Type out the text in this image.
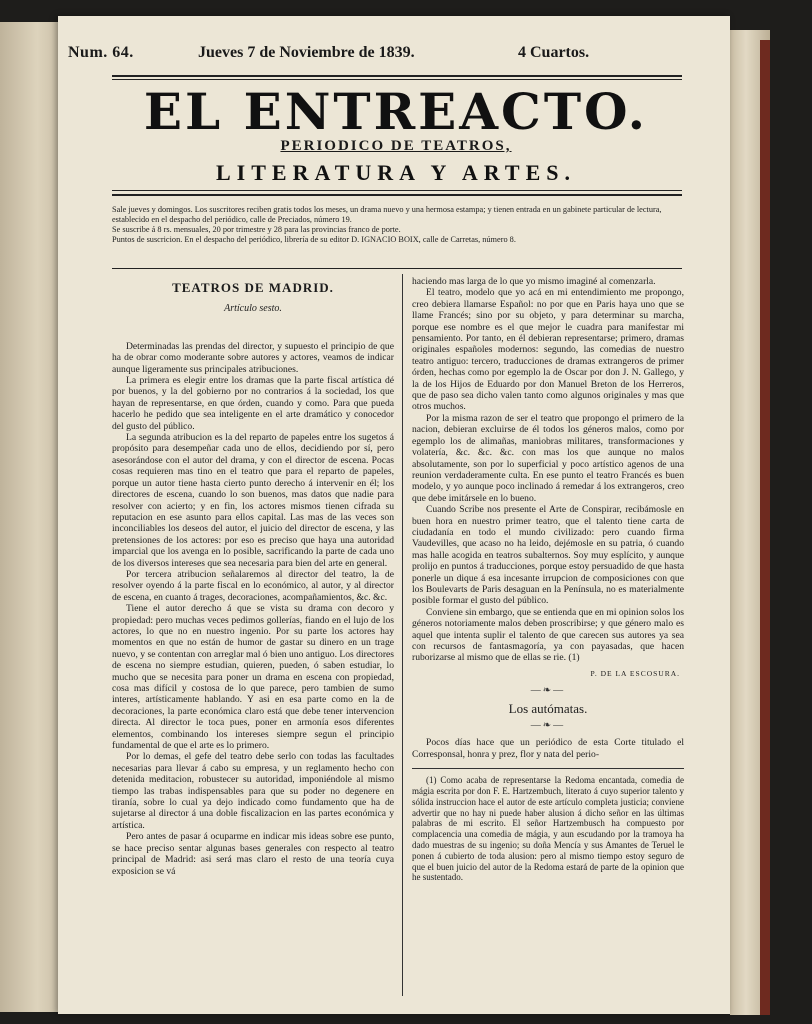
Num. 64.	Jueves 7 de Noviembre de 1839.	4 Cuartos.
EL ENTREACTO.
PERIODICO DE TEATROS,
LITERATURA Y ARTES.

Sale jueves y domingos. Los suscritores reciben gratis todos los meses, un drama nuevo y una hermosa estampa; y tienen entrada en un gabinete particular de lectura, establecido en el despacho del periódico, calle de Preciados, número 19.

Se suscribe á 8 rs. mensuales, 20 por trimestre y 28 para las provincias franco de porte.

Puntos de suscricion. En el despacho del periódico, librería de su editor D. IGNACIO BOIX, calle de Carretas, número 8.

TEATROS DE MADRID.
Artículo sesto.

Determinadas las prendas del director, y supuesto el principio de que ha de obrar como moderante sobre autores y actores, veamos de indicar aunque ligeramente sus principales atribuciones.

La primera es elegir entre los dramas que la parte fiscal artística dé por buenos, y la del gobierno por no contrarios á la sociedad, los que hayan de representarse, en que órden, cuando y como. Para que pueda hacerlo he pedido que sea inteligente en el arte dramático y conocedor del gusto del público.

La segunda atribucion es la del reparto de papeles entre los sugetos á propósito para desempeñar cada uno de ellos, decidiendo por sí, pero asesorándose con el autor del drama, y con el director de escena. Pocas cosas requieren mas tino en el teatro que para el reparto de papeles, porque un autor tiene hasta cierto punto derecho á intervenir en él; los directores de escena, cuando lo son buenos, mas datos que nadie para resolver con acierto; y en fin, los actores mismos tienen cifrada su reputacion en ese asunto para ellos capital. Las mas de las veces son inconciliables los deseos del autor, el juicio del director de escena, y las pretensiones de los actores: por eso es preciso que haya una autoridad imparcial que los avenga en lo posible, sacrificando la parte de cada uno de los diversos intereses que sea necesaria para bien del arte en general.

Por tercera atribucion señalaremos al director del teatro, la de resolver oyendo á la parte fiscal en lo económico, al autor, y al director de escena, en cuanto á trages, decoraciones, acompañamientos, &c. &c.

Tiene el autor derecho á que se vista su drama con decoro y propiedad: pero muchas veces pedimos gollerías, fiando en el lujo de los actores, lo que no en nuestro ingenio. Por su parte los actores hay momentos en que no están de humor de gastar su dinero en un trage nuevo, y se contentan con arreglar mal ó bien uno antiguo. Los directores de escena no siempre estudian, quieren, pueden, ó saben estudiar, lo mucho que se necesita para poner un drama en escena con propiedad, cosa mas difícil y costosa de lo que parece, pero tambien de sumo interes, artísticamente hablando. Y asi en esa parte como en la de decoraciones, la parte económica claro está que debe tener intervencion directa. Al director le toca pues, poner en armonía esos diferentes elementos, combinando los intereses siempre segun el principio fundamental de que el arte es lo primero.

Por lo demas, el gefe del teatro debe serlo con todas las facultades necesarias para llevar á cabo su empresa, y un reglamento hecho con detenida meditacion, robustecer su autoridad, imponiéndole al mismo tiempo las trabas indispensables para que su poder no degenere en tiranía, sobre lo cual ya dejo indicado como fundamento que ha de sujetarse al director á una doble fiscalizacion en las partes económica y artística.

Pero antes de pasar á ocuparme en indicar mis ideas sobre ese punto, se hace preciso sentar algunas bases generales con respecto al teatro principal de Madrid: asi será mas claro el resto de una teoría cuya exposicion se vá

haciendo mas larga de lo que yo mismo imaginé al comenzarla.

El teatro, modelo que yo acá en mi entendimiento me propongo, creo debiera llamarse Español: no por que en Paris haya uno que se llame Francés; sino por su objeto, y para determinar su marcha, porque ese nombre es el que mejor le cuadra para manifestar mi pensamiento. Por tanto, en él debieran representarse; primero, dramas originales españoles modernos: segundo, las comedias de nuestro teatro antiguo: tercero, traducciones de dramas extrangeros de primer órden, hechas como por egemplo la de Oscar por don J. N. Gallego, y la de los Hijos de Eduardo por don Manuel Breton de los Herreros, que de paso sea dicho valen tanto como algunos originales y mas que otros muchos.

Por la misma razon de ser el teatro que propongo el primero de la nacion, debieran excluirse de él todos los géneros malos, como por egemplo los de alimañas, maniobras militares, transformaciones y volatería, &c. &c. &c. con mas los que aunque no malos absolutamente, son por lo superficial y poco artístico agenos de una reunion verdaderamente culta. En ese punto el teatro Francés es buen modelo, y yo aunque poco inclinado á remedar á los extrangeros, creo que debe imitársele en lo bueno.

Cuando Scribe nos presente el Arte de Conspirar, recibámosle en buen hora en nuestro primer teatro, que el talento tiene carta de ciudadanía en todo el mundo civilizado: pero cuando firma Vaudevilles, que acaso no ha leido, dejémosle en su patria, ó cuando mas halle acogida en teatros subalternos. Soy muy esplícito, y aunque prolijo en puntos á traducciones, porque estoy persuadido de que hasta ponerle un dique á esa incesante irrupcion de composiciones con que los Boulevarts de Paris desaguan en la Península, no es materialmente posible formar el gusto del público.

Conviene sin embargo, que se entienda que en mi opinion solos los géneros notoriamente malos deben proscribirse; y que género malo es aquel que intenta suplir el talento de que carecen sus autores ya sea con recursos de fantasmagoría, ya con payasadas, que hacen ruborizarse al mismo que de ellas se rie. (1)

P. DE LA ESCOSURA.
—❧—
Los autómatas.
—❧—

Pocos días hace que un periódico de esta Corte titulado el Corresponsal, honra y prez, flor y nata del perio-

(1) Como acaba de representarse la Redoma encantada, comedia de mágia escrita por don F. E. Hartzembuch, literato á cuyo superior talento y sólida instruccion hace el autor de este artículo completa justicia; conviene advertir que no hay ni puede haber alusion á dicho señor en las últimas palabras de mi escrito. El señor Hartzembusch ha compuesto por complacencia una comedia de mágia, y aun escudando por la tramoya ha dado muestras de su ingenio; su doña Mencía y sus Amantes de Teruel le ponen á cubierto de toda alusion: pero al mismo tiempo estoy seguro de que el buen juicio del autor de la Redoma estará de parte de la opinion que he sustentado.
